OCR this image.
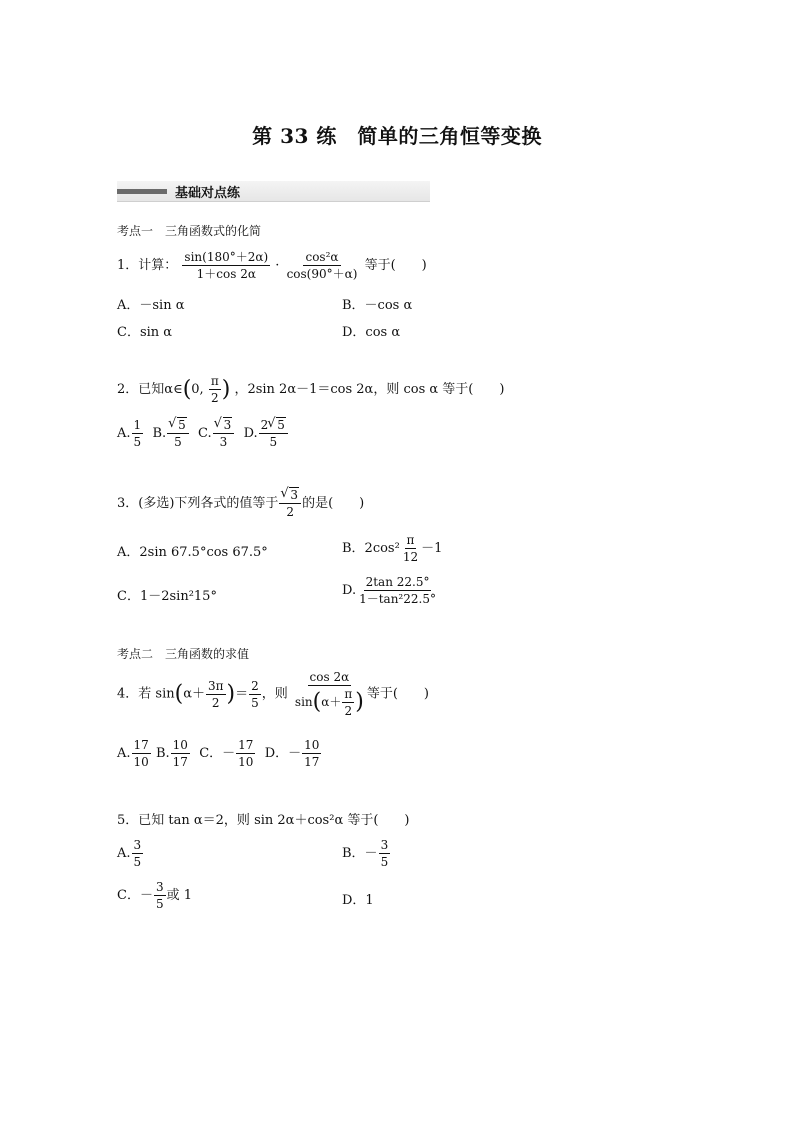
第 33 练　简单的三角恒等变换
基础对点练
考点一　三角函数式的化简
1．计算： $\frac{\sin(180^\circ+2\alpha)}{1+\cos 2\alpha} \cdot \frac{\text{cos²α}}{\cos(90^\circ+\alpha)}$ 等于(　　)
A．－sin α	B．－cos α
C．sin α	D．cos α
2．已知α∈(0, $\frac{\pi}{2}$ ) ，2sin 2α－1＝cos 2α，则 cos α 等于(　　)
A. $\frac{1}{5} B$. √ $\frac{5}{5} C$. √ $\frac{3}{3} D$. $\frac{2 √ 5}{5}$
3．(多选)下列各式的值等于 √ $\frac{3}{2}$ 的是(　　)
A．2sin 67.5°cos 67.5°	B．$2\cos^2 \frac{\pi}{12} -1$
C．1－2sin²15°	D. $\frac{2\tan 22.5^\circ}{\text{1－tan²22.5°}}$
考点二　三角函数的求值
4．若 $\sin(\alpha+ \frac{3\pi}{2}$ )＝ $\frac{2}{5}$ ，则 $\frac{\cos 2\alpha}{\sin(\alpha+ \frac{\pi}{2} )}$ 等于(　　)
A. $\frac{17}{10} B$. $\frac{10}{17}$ C．－ $\frac{17}{10}$ D．－ $\frac{10}{17}$
5．已知 tan α＝2，则 sin 2α＋cos²α 等于(　　)
A. $\frac{3}{5}$	B．－ $\frac{3}{5}$
C．－ $\frac{3}{5}$ 或 1	D．1
